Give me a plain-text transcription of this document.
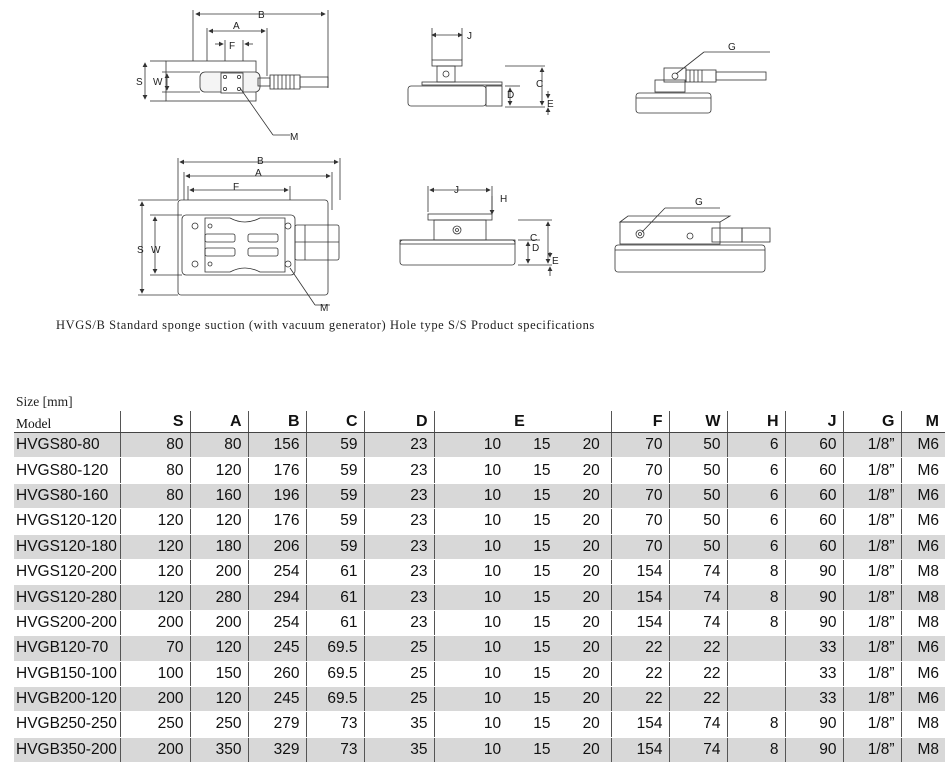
B
A
F
S W
M
J
C
D
E
G
B
A
F
S W
M
J
H
C
D
E
G
HVGS/B Standard sponge suction (with vacuum generator) Hole type S/S Product specifications
Size [mm]
Model	S	A	B	C	D	E	F	W	H	J	G	M
HVGS80-80	80	80	156	59	23	10 15 20	70	50	6	60	1/8”	M6
HVGS80-120	80	120	176	59	23	10 15 20	70	50	6	60	1/8”	M6
HVGS80-160	80	160	196	59	23	10 15 20	70	50	6	60	1/8”	M6
HVGS120-120	120	120	176	59	23	10 15 20	70	50	6	60	1/8”	M6
HVGS120-180	120	180	206	59	23	10 15 20	70	50	6	60	1/8”	M6
HVGS120-200	120	200	254	61	23	10 15 20	154	74	8	90	1/8”	M8
HVGS120-280	120	280	294	61	23	10 15 20	154	74	8	90	1/8”	M8
HVGS200-200	200	200	254	61	23	10 15 20	154	74	8	90	1/8”	M8
HVGB120-70	70	120	245	69.5	25	10 15 20	22	22		33	1/8”	M6
HVGB150-100	100	150	260	69.5	25	10 15 20	22	22		33	1/8”	M6
HVGB200-120	200	120	245	69.5	25	10 15 20	22	22		33	1/8”	M6
HVGB250-250	250	250	279	73	35	10 15 20	154	74	8	90	1/8”	M8
HVGB350-200	200	350	329	73	35	10 15 20	154	74	8	90	1/8”	M8
